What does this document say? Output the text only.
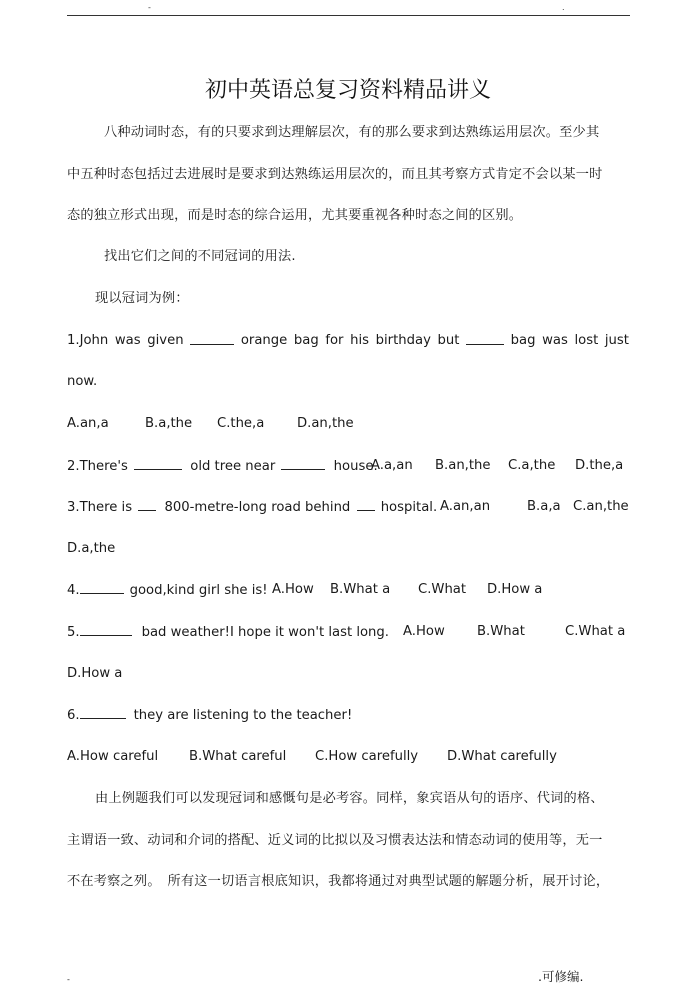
-	.
初中英语总复习资料精品讲义
八种动词时态，有的只要求到达理解层次，有的那么要求到达熟练运用层次。至少其
中五种时态包括过去进展时是要求到达熟练运用层次的，而且其考察方式肯定不会以某一时
态的独立形式出现，而是时态的综合运用，尤其要重视各种时态之间的区别。
找出它们之间的不同冠词的用法.
现以冠词为例：
1.John was given	orange bag for his birthday but	bag was lost just
now.
A.an,a	B.a,the C.the,a D.an,the
2.There's	old tree near	house.
A.a,an B.an,the C.a,the D.the,a
3.There is 800-metre-long road behind hospital. A.an,an	B.a,a C.an,the
D.a,the
4.	good,kind girl she is! A.How B.What a C.What D.How a
5.	bad weather!I hope it won't last long. A.How B.What	C.What a
D.How a
6.	they are listening to the teacher!
A.How careful B.What careful C.How carefully D.What carefully
由上例题我们可以发现冠词和感慨句是必考容。同样，象宾语从句的语序、代词的格、
主谓语一致、动词和介词的搭配、近义词的比拟以及习惯表达法和情态动词的使用等，无一
不在考察之列。　所有这一切语言根底知识，我都将通过对典型试题的解题分析，展开讨论，
-	.可修编.
